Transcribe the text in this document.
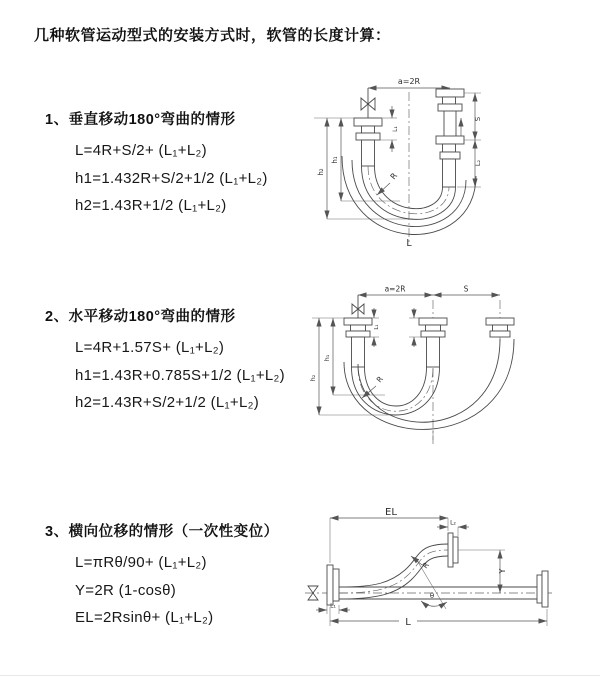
几种软管运动型式的安装方式时，软管的长度计算：
1、垂直移动180°弯曲的情形
L=4R+S/2+ (L₁+L₂)
h1=1.432R+S/2+1/2 (L₁+L₂)
h2=1.43R+1/2 (L₁+L₂)
a=2R
S
L₂
L₁
h₁
h₂	R
L
2、水平移动180°弯曲的情形
L=4R+1.57S+ (L₁+L₂)
h1=1.43R+0.785S+1/2 (L₁+L₂)
h2=1.43R+S/2+1/2 (L₁+L₂)
a=2R	S
L₁
h₁
h₂	R
3、横向位移的情形（一次性变位）
L=πRθ/90+ (L₁+L₂)
Y=2R (1-cosθ)
EL=2Rsinθ+ (L₁+L₂)
EL
L₂
Y
R
θ
L₁
L
